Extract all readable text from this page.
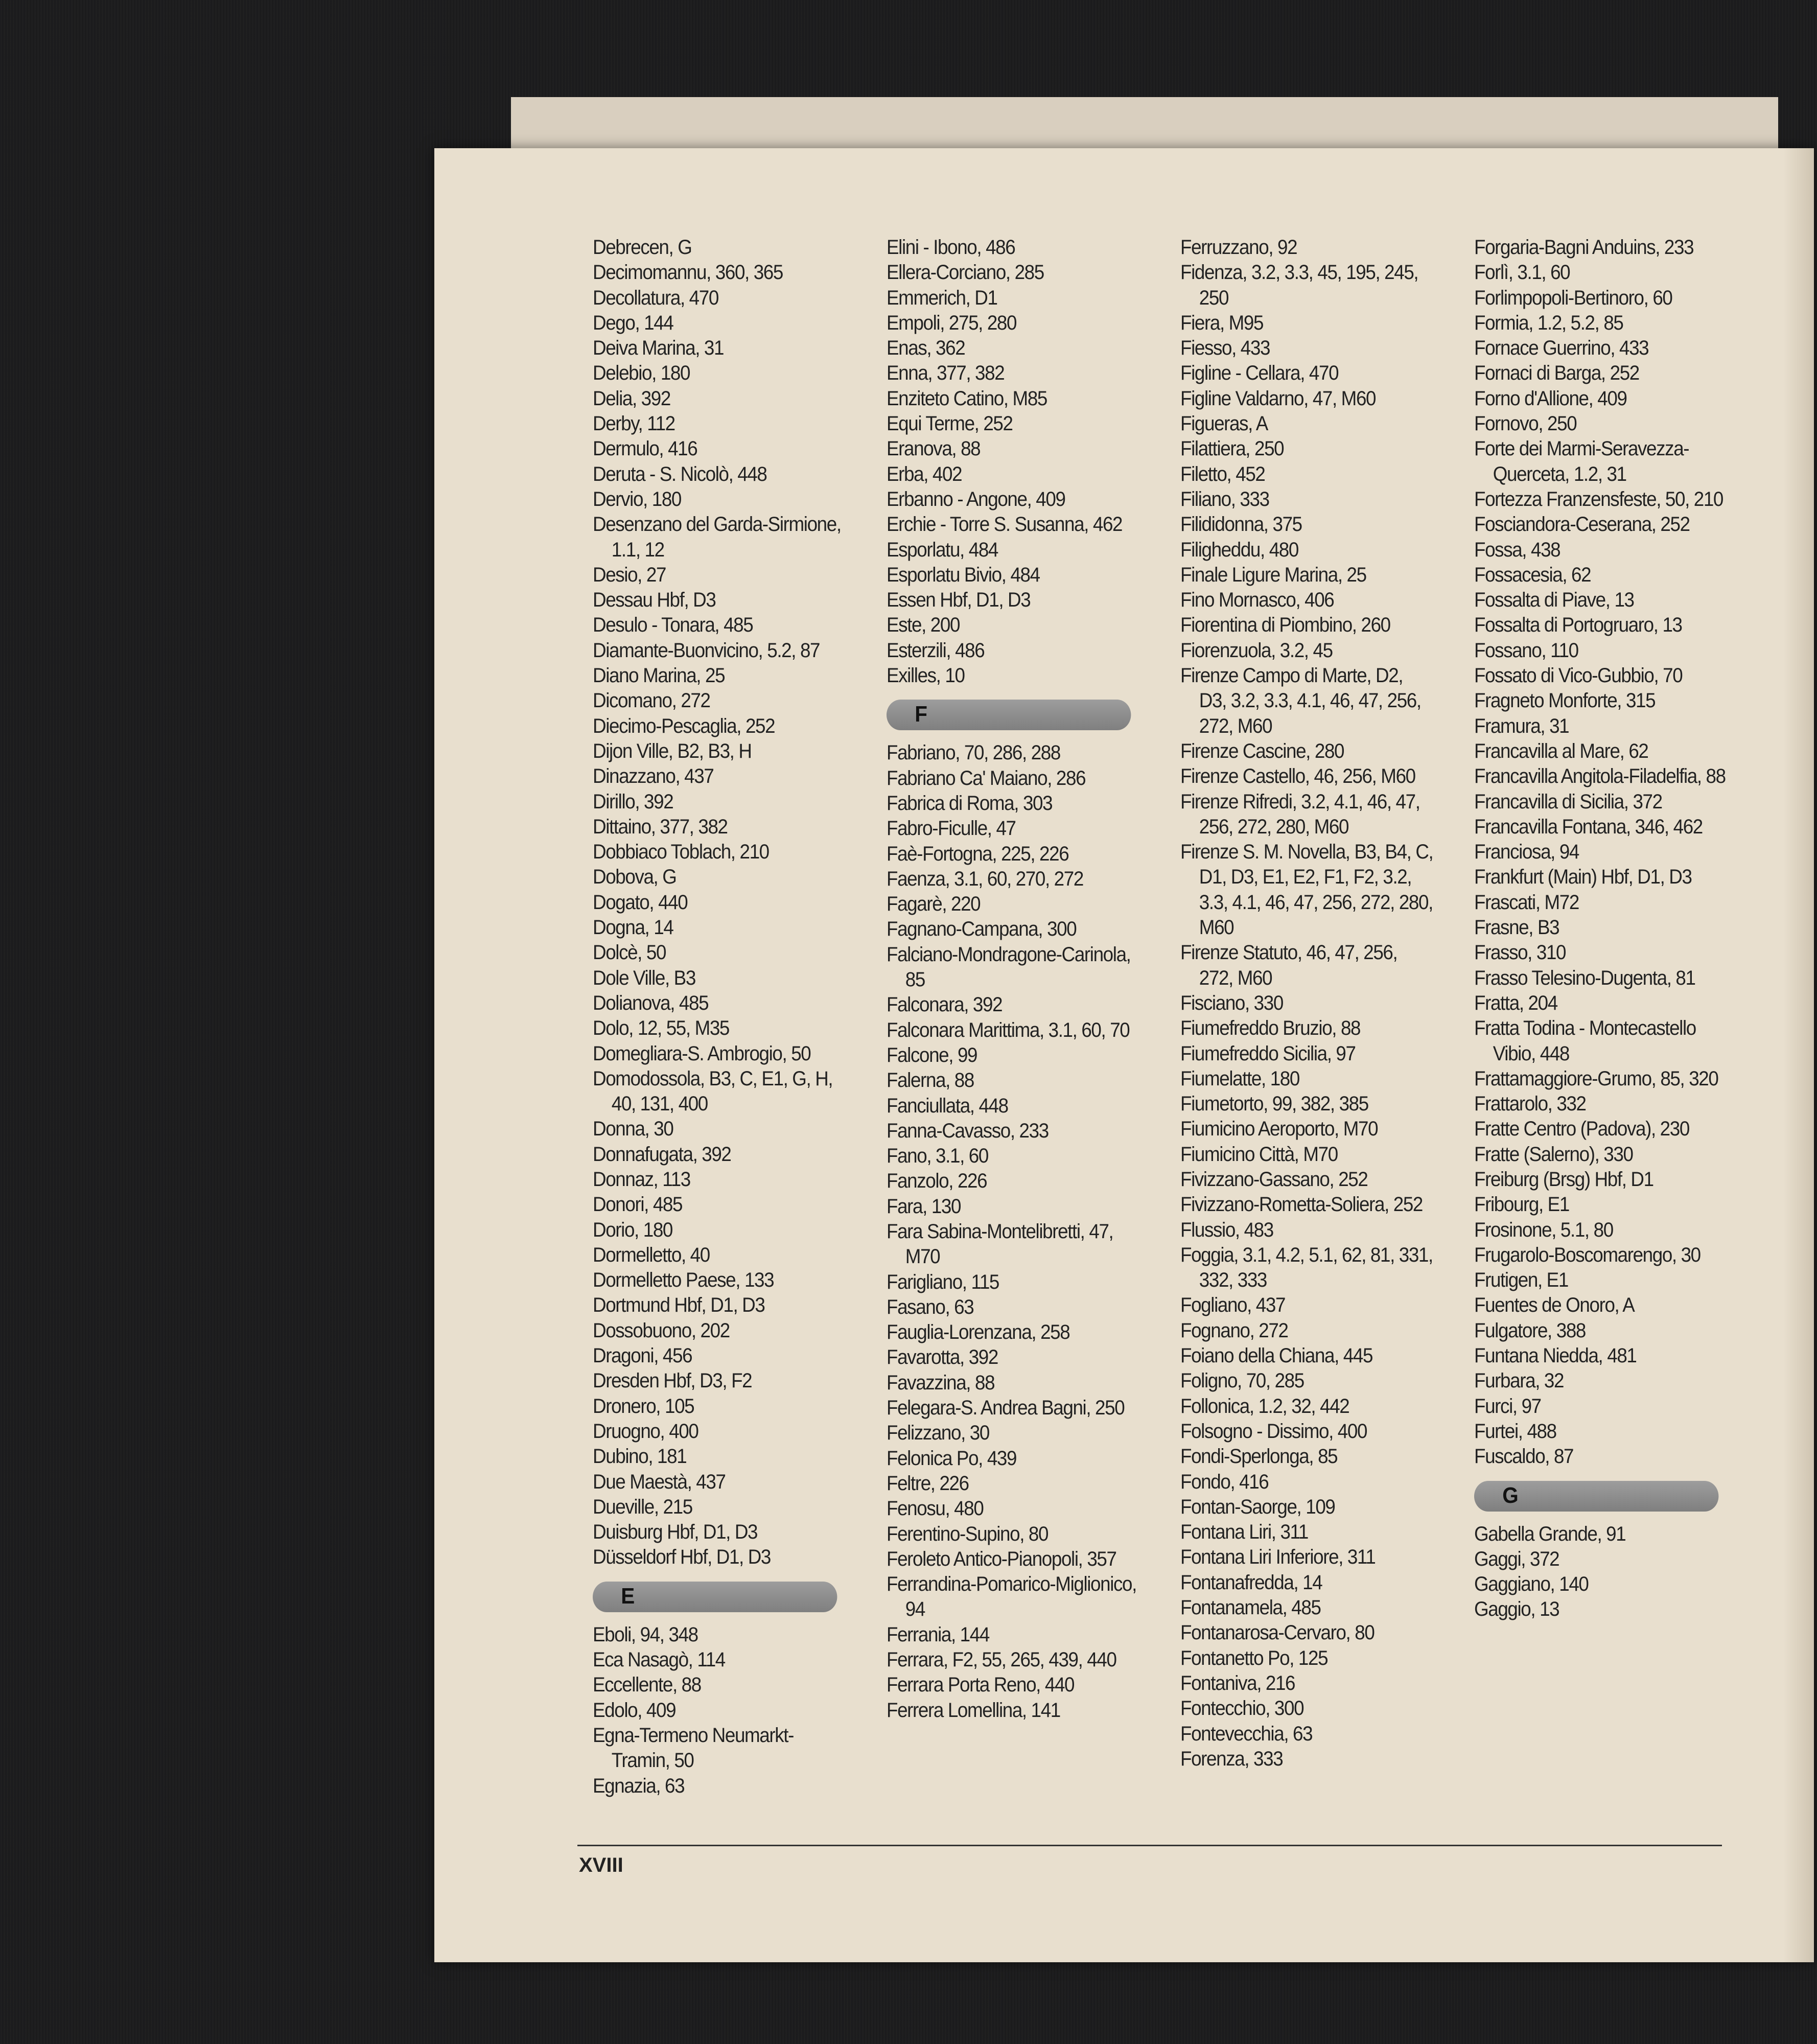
Debrecen, G
Decimomannu, 360, 365
Decollatura, 470
Dego, 144
Deiva Marina, 31
Delebio, 180
Delia, 392
Derby, 112
Dermulo, 416
Deruta - S. Nicolò, 448
Dervio, 180
Desenzano del Garda-Sirmione, 1.1, 12
Desio, 27
Dessau Hbf, D3
Desulo - Tonara, 485
Diamante-Buonvicino, 5.2, 87
Diano Marina, 25
Dicomano, 272
Diecimo-Pescaglia, 252
Dijon Ville, B2, B3, H
Dinazzano, 437
Dirillo, 392
Dittaino, 377, 382
Dobbiaco Toblach, 210
Dobova, G
Dogato, 440
Dogna, 14
Dolcè, 50
Dole Ville, B3
Dolianova, 485
Dolo, 12, 55, M35
Domegliara-S. Ambrogio, 50
Domodossola, B3, C, E1, G, H, 40, 131, 400
Donna, 30
Donnafugata, 392
Donnaz, 113
Donori, 485
Dorio, 180
Dormelletto, 40
Dormelletto Paese, 133
Dortmund Hbf, D1, D3
Dossobuono, 202
Dragoni, 456
Dresden Hbf, D3, F2
Dronero, 105
Druogno, 400
Dubino, 181
Due Maestà, 437
Dueville, 215
Duisburg Hbf, D1, D3
Düsseldorf Hbf, D1, D3
E
Eboli, 94, 348
Eca Nasagò, 114
Eccellente, 88
Edolo, 409
Egna-Termeno Neumarkt-Tramin, 50
Egnazia, 63
Elini - Ibono, 486
Ellera-Corciano, 285
Emmerich, D1
Empoli, 275, 280
Enas, 362
Enna, 377, 382
Enziteto Catino, M85
Equi Terme, 252
Eranova, 88
Erba, 402
Erbanno - Angone, 409
Erchie - Torre S. Susanna, 462
Esporlatu, 484
Esporlatu Bivio, 484
Essen Hbf, D1, D3
Este, 200
Esterzili, 486
Exilles, 10
F
Fabriano, 70, 286, 288
Fabriano Ca' Maiano, 286
Fabrica di Roma, 303
Fabro-Ficulle, 47
Faè-Fortogna, 225, 226
Faenza, 3.1, 60, 270, 272
Fagarè, 220
Fagnano-Campana, 300
Falciano-Mondragone-Carinola, 85
Falconara, 392
Falconara Marittima, 3.1, 60, 70
Falcone, 99
Falerna, 88
Fanciullata, 448
Fanna-Cavasso, 233
Fano, 3.1, 60
Fanzolo, 226
Fara, 130
Fara Sabina-Montelibretti, 47, M70
Farigliano, 115
Fasano, 63
Fauglia-Lorenzana, 258
Favarotta, 392
Favazzina, 88
Felegara-S. Andrea Bagni, 250
Felizzano, 30
Felonica Po, 439
Feltre, 226
Fenosu, 480
Ferentino-Supino, 80
Feroleto Antico-Pianopoli, 357
Ferrandina-Pomarico-Miglionico, 94
Ferrania, 144
Ferrara, F2, 55, 265, 439, 440
Ferrara Porta Reno, 440
Ferrera Lomellina, 141
Ferruzzano, 92
Fidenza, 3.2, 3.3, 45, 195, 245, 250
Fiera, M95
Fiesso, 433
Figline - Cellara, 470
Figline Valdarno, 47, M60
Figueras, A
Filattiera, 250
Filetto, 452
Filiano, 333
Filididonna, 375
Filigheddu, 480
Finale Ligure Marina, 25
Fino Mornasco, 406
Fiorentina di Piombino, 260
Fiorenzuola, 3.2, 45
Firenze Campo di Marte, D2, D3, 3.2, 3.3, 4.1, 46, 47, 256, 272, M60
Firenze Cascine, 280
Firenze Castello, 46, 256, M60
Firenze Rifredi, 3.2, 4.1, 46, 47, 256, 272, 280, M60
Firenze S. M. Novella, B3, B4, C, D1, D3, E1, E2, F1, F2, 3.2, 3.3, 4.1, 46, 47, 256, 272, 280, M60
Firenze Statuto, 46, 47, 256, 272, M60
Fisciano, 330
Fiumefreddo Bruzio, 88
Fiumefreddo Sicilia, 97
Fiumelatte, 180
Fiumetorto, 99, 382, 385
Fiumicino Aeroporto, M70
Fiumicino Città, M70
Fivizzano-Gassano, 252
Fivizzano-Rometta-Soliera, 252
Flussio, 483
Foggia, 3.1, 4.2, 5.1, 62, 81, 331, 332, 333
Fogliano, 437
Fognano, 272
Foiano della Chiana, 445
Foligno, 70, 285
Follonica, 1.2, 32, 442
Folsogno - Dissimo, 400
Fondi-Sperlonga, 85
Fondo, 416
Fontan-Saorge, 109
Fontana Liri, 311
Fontana Liri Inferiore, 311
Fontanafredda, 14
Fontanamela, 485
Fontanarosa-Cervaro, 80
Fontanetto Po, 125
Fontaniva, 216
Fontecchio, 300
Fontevecchia, 63
Forenza, 333
Forgaria-Bagni Anduins, 233
Forlì, 3.1, 60
Forlimpopoli-Bertinoro, 60
Formia, 1.2, 5.2, 85
Fornace Guerrino, 433
Fornaci di Barga, 252
Forno d'Allione, 409
Fornovo, 250
Forte dei Marmi-Seravezza-Querceta, 1.2, 31
Fortezza Franzensfeste, 50, 210
Fosciandora-Ceserana, 252
Fossa, 438
Fossacesia, 62
Fossalta di Piave, 13
Fossalta di Portogruaro, 13
Fossano, 110
Fossato di Vico-Gubbio, 70
Fragneto Monforte, 315
Framura, 31
Francavilla al Mare, 62
Francavilla Angitola-Filadelfia, 88
Francavilla di Sicilia, 372
Francavilla Fontana, 346, 462
Franciosa, 94
Frankfurt (Main) Hbf, D1, D3
Frascati, M72
Frasne, B3
Frasso, 310
Frasso Telesino-Dugenta, 81
Fratta, 204
Fratta Todina - Montecastello Vibio, 448
Frattamaggiore-Grumo, 85, 320
Frattarolo, 332
Fratte Centro (Padova), 230
Fratte (Salerno), 330
Freiburg (Brsg) Hbf, D1
Fribourg, E1
Frosinone, 5.1, 80
Frugarolo-Boscomarengo, 30
Frutigen, E1
Fuentes de Onoro, A
Fulgatore, 388
Funtana Niedda, 481
Furbara, 32
Furci, 97
Furtei, 488
Fuscaldo, 87
G
Gabella Grande, 91
Gaggi, 372
Gaggiano, 140
Gaggio, 13
XVIII
